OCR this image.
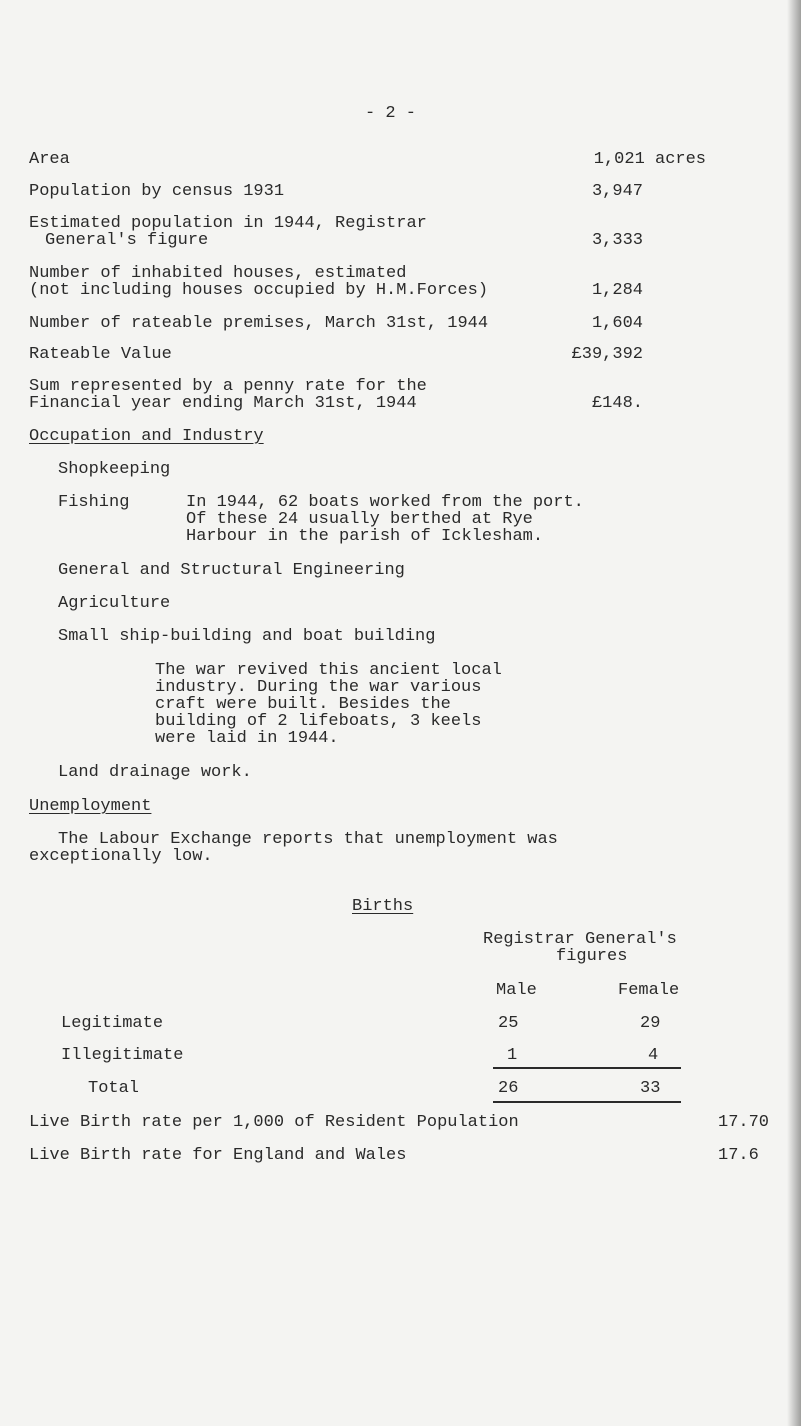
- 2 -
Area	1,021 acres
Population by census 1931	3,947
Estimated population in 1944, Registrar
General's figure	3,333
Number of inhabited houses, estimated
(not including houses occupied by H.M.Forces)	1,284
Number of rateable premises, March 31st, 1944	1,604
Rateable Value	£39,392
Sum represented by a penny rate for the
Financial year ending March 31st, 1944	£148.
Occupation and Industry
Shopkeeping
Fishing	In 1944, 62 boats worked from the port.
Of these 24 usually berthed at Rye
Harbour in the parish of Icklesham.
General and Structural Engineering
Agriculture
Small ship-building and boat building
The war revived this ancient local
industry. During the war various
craft were built. Besides the
building of 2 lifeboats, 3 keels
were laid in 1944.
Land drainage work.
Unemployment
The Labour Exchange reports that unemployment was
exceptionally low.
Births
Registrar General's
figures
Male	Female
Legitimate	25	29
Illegitimate	1	4
Total	26	33
Live Birth rate per 1,000 of Resident Population	17.70
Live Birth rate for England and Wales	17.6
